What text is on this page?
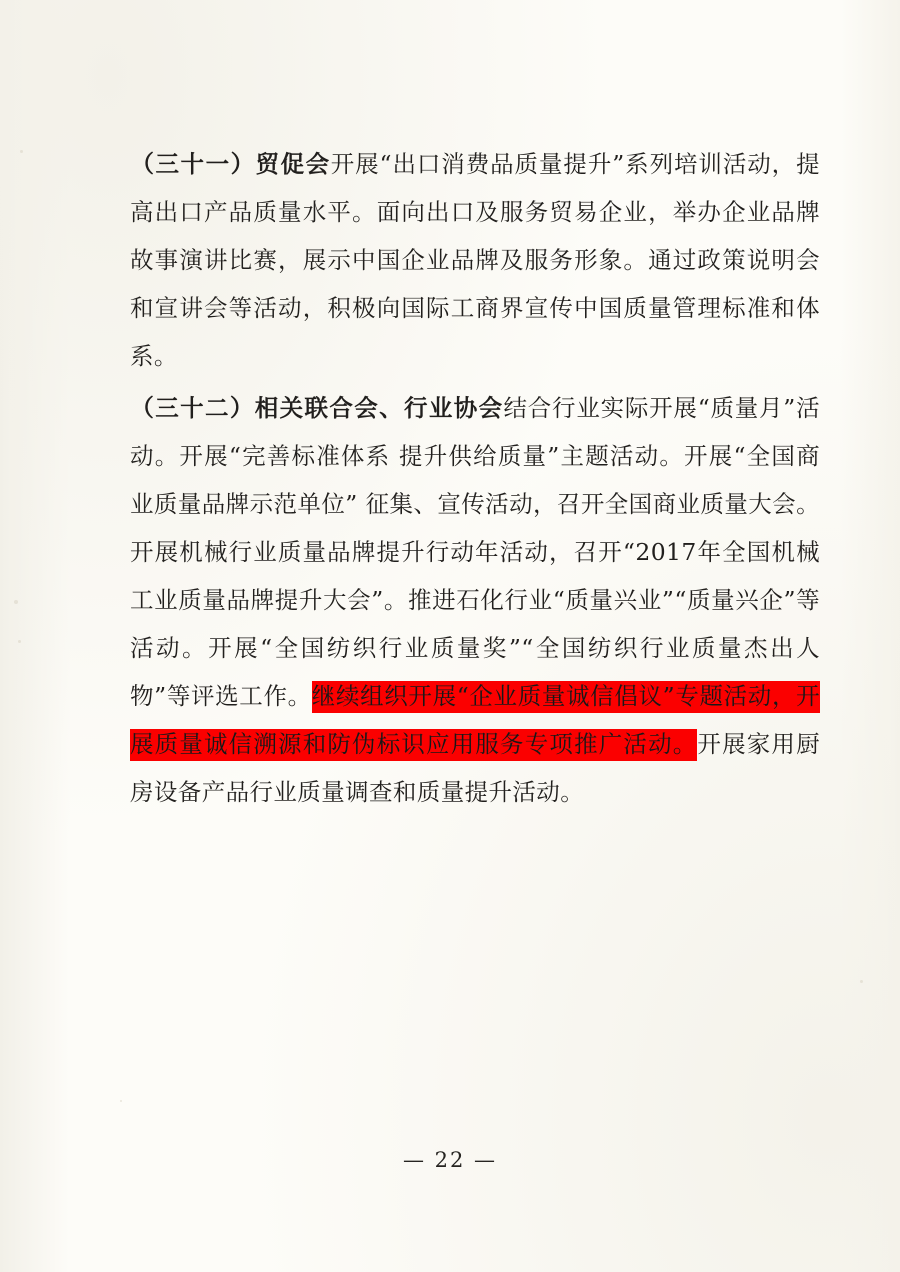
  （三十一）贸促会开展“出口消费品质量提升”系列培训活动，提高出口产品质量水平。面向出口及服务贸易企业，举办企业品牌故事演讲比赛，展示中国企业品牌及服务形象。通过政策说明会和宣讲会等活动，积极向国际工商界宣传中国质量管理标准和体系。

  （三十二）相关联合会、行业协会结合行业实际开展“质量月”活动。开展“完善标准体系 提升供给质量”主题活动。开展“全国商业质量品牌示范单位” 征集、宣传活动，召开全国商业质量大会。开展机械行业质量品牌提升行动年活动，召开“2017年全国机械工业质量品牌提升大会”。推进石化行业“质量兴业”“质量兴企”等活动。开展“全国纺织行业质量奖”“全国纺织行业质量杰出人物”等评选工作。继续组织开展“企业质量诚信倡议”专题活动，开展质量诚信溯源和防伪标识应用服务专项推广活动。开展家用厨房设备产品行业质量调查和质量提升活动。

— 22 —
